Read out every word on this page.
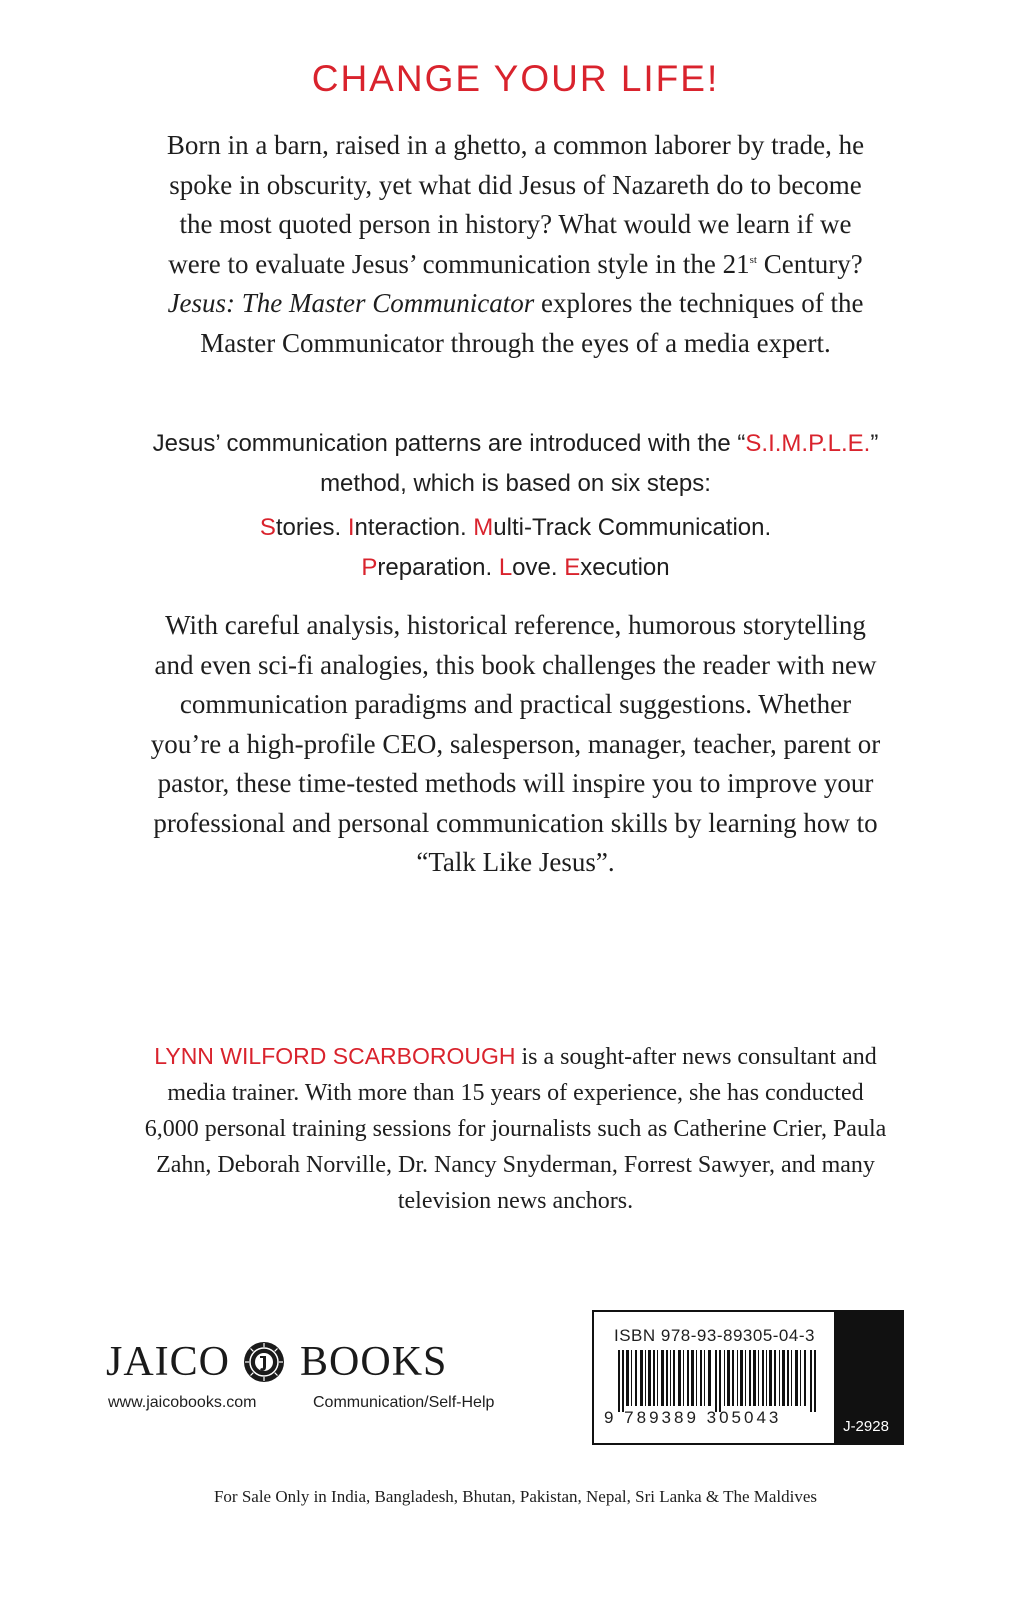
CHANGE YOUR LIFE!
Born in a barn, raised in a ghetto, a common laborer by trade, he spoke in obscurity, yet what did Jesus of Nazareth do to become the most quoted person in history? What would we learn if we were to evaluate Jesus’ communication style in the 21st Century? Jesus: The Master Communicator explores the techniques of the Master Communicator through the eyes of a media expert.
Jesus’ communication patterns are introduced with the “S.I.M.P.L.E.” method, which is based on six steps:
Stories. Interaction. Multi-Track Communication.
Preparation. Love. Execution
With careful analysis, historical reference, humorous storytelling and even sci-fi analogies, this book challenges the reader with new communication paradigms and practical suggestions. Whether you’re a high-profile CEO, salesperson, manager, teacher, parent or pastor, these time-tested methods will inspire you to improve your professional and personal communication skills by learning how to “Talk Like Jesus”.
LYNN WILFORD SCARBOROUGH is a sought-after news consultant and media trainer. With more than 15 years of experience, she has conducted 6,000 personal training sessions for journalists such as Catherine Crier, Paula Zahn, Deborah Norville, Dr. Nancy Snyderman, Forrest Sawyer, and many television news anchors.
JAICO BOOKS
www.jaicobooks.com	Communication/Self-Help
ISBN 978-93-89305-04-3
9 789389 305043	J-2928
For Sale Only in India, Bangladesh, Bhutan, Pakistan, Nepal, Sri Lanka & The Maldives
